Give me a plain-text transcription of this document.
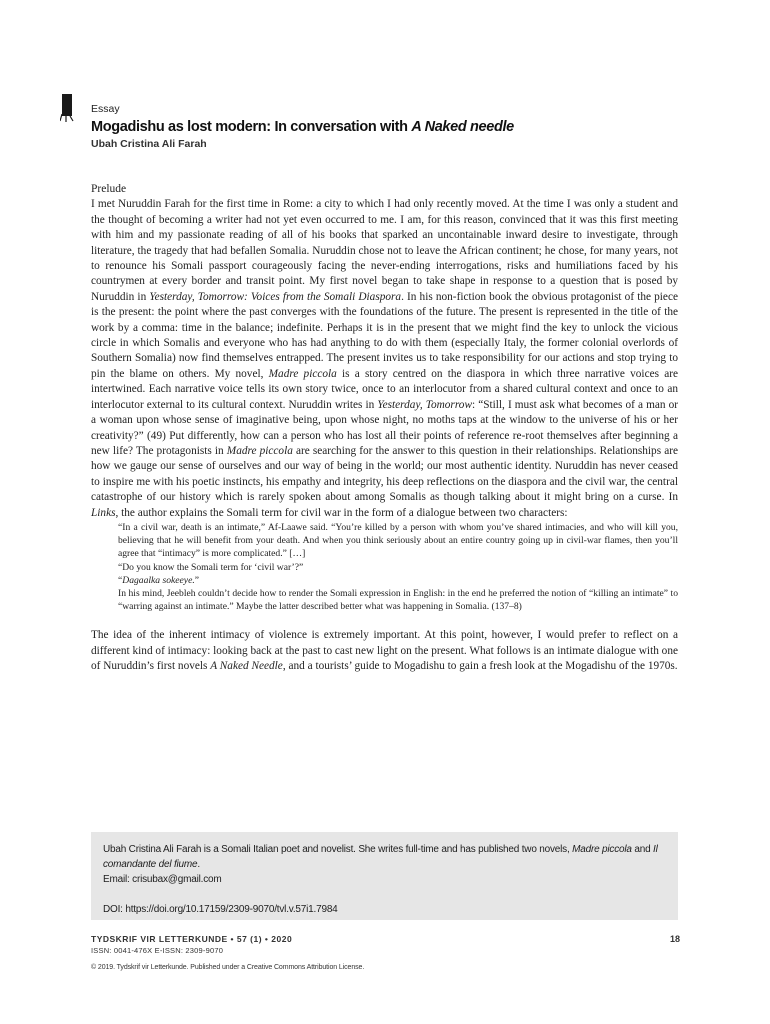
Essay
Mogadishu as lost modern: In conversation with A Naked needle
Ubah Cristina Ali Farah
Prelude

I met Nuruddin Farah for the first time in Rome: a city to which I had only recently moved. At the time I was only a student and the thought of becoming a writer had not yet even occurred to me. I am, for this reason, convinced that it was this first meeting with him and my passionate reading of all of his books that sparked an uncontainable inward desire to investigate, through literature, the tragedy that had befallen Somalia. Nuruddin chose not to leave the African continent; he chose, for many years, not to renounce his Somali passport courageously facing the never-ending interrogations, risks and humiliations faced by his countrymen at every border and transit point. My first novel began to take shape in response to a question that is posed by Nuruddin in Yesterday, Tomorrow: Voices from the Somali Diaspora. In his non-fiction book the obvious protagonist of the piece is the present: the point where the past converges with the foundations of the future. The present is represented in the title of the work by a comma: time in the balance; indefinite. Perhaps it is in the present that we might find the key to unlock the vicious circle in which Somalis and everyone who has had anything to do with them (especially Italy, the former colonial overlords of Southern Somalia) now find themselves entrapped. The present invites us to take responsibility for our actions and stop trying to pin the blame on others. My novel, Madre piccola is a story centred on the diaspora in which three narrative voices are intertwined. Each narrative voice tells its own story twice, once to an interlocutor from a shared cultural context and once to an interlocutor external to its cultural context. Nuruddin writes in Yesterday, Tomorrow: “Still, I must ask what becomes of a man or a woman upon whose sense of imaginative being, upon whose night, no moths taps at the window to the universe of his or her creativity?” (49) Put differently, how can a person who has lost all their points of reference re-root themselves after beginning a new life? The protagonists in Madre piccola are searching for the answer to this question in their relationships. Relationships are how we gauge our sense of ourselves and our way of being in the world; our most authentic identity. Nuruddin has never ceased to inspire me with his poetic instincts, his empathy and integrity, his deep reflections on the diaspora and the civil war, the central catastrophe of our history which is rarely spoken about among Somalis as though talking about it might bring on a curse. In Links, the author explains the Somali term for civil war in the form of a dialogue between two characters:

“In a civil war, death is an intimate,” Af-Laawe said. “You’re killed by a person with whom you’ve shared intimacies, and who will kill you, believing that he will benefit from your death. And when you think seriously about an entire country going up in civil-war flames, then you’ll agree that “intimacy” is more complicated.” […]

“Do you know the Somali term for ‘civil war’?”

“Dagaalka sokeeye.”

In his mind, Jeebleh couldn’t decide how to render the Somali expression in English: in the end he preferred the notion of “killing an intimate” to “warring against an intimate.” Maybe the latter described better what was happening in Somalia. (137–8)

The idea of the inherent intimacy of violence is extremely important. At this point, however, I would prefer to reflect on a different kind of intimacy: looking back at the past to cast new light on the present. What follows is an intimate dialogue with one of Nuruddin’s first novels A Naked Needle, and a tourists’ guide to Mogadishu to gain a fresh look at the Mogadishu of the 1970s.

Ubah Cristina Ali Farah is a Somali Italian poet and novelist. She writes full-time and has published two novels, Madre piccola and Il comandante del fiume.

Email: crisubax@gmail.com

DOI: https://doi.org/10.17159/2309-9070/tvl.v.57i1.7984

TYDSKRIF VIR LETTERKUNDE • 57 (1) • 2020
ISSN: 0041-476X E-ISSN: 2309-9070
18
© 2019. Tydskrif vir Letterkunde. Published under a Creative Commons Attribution License.
